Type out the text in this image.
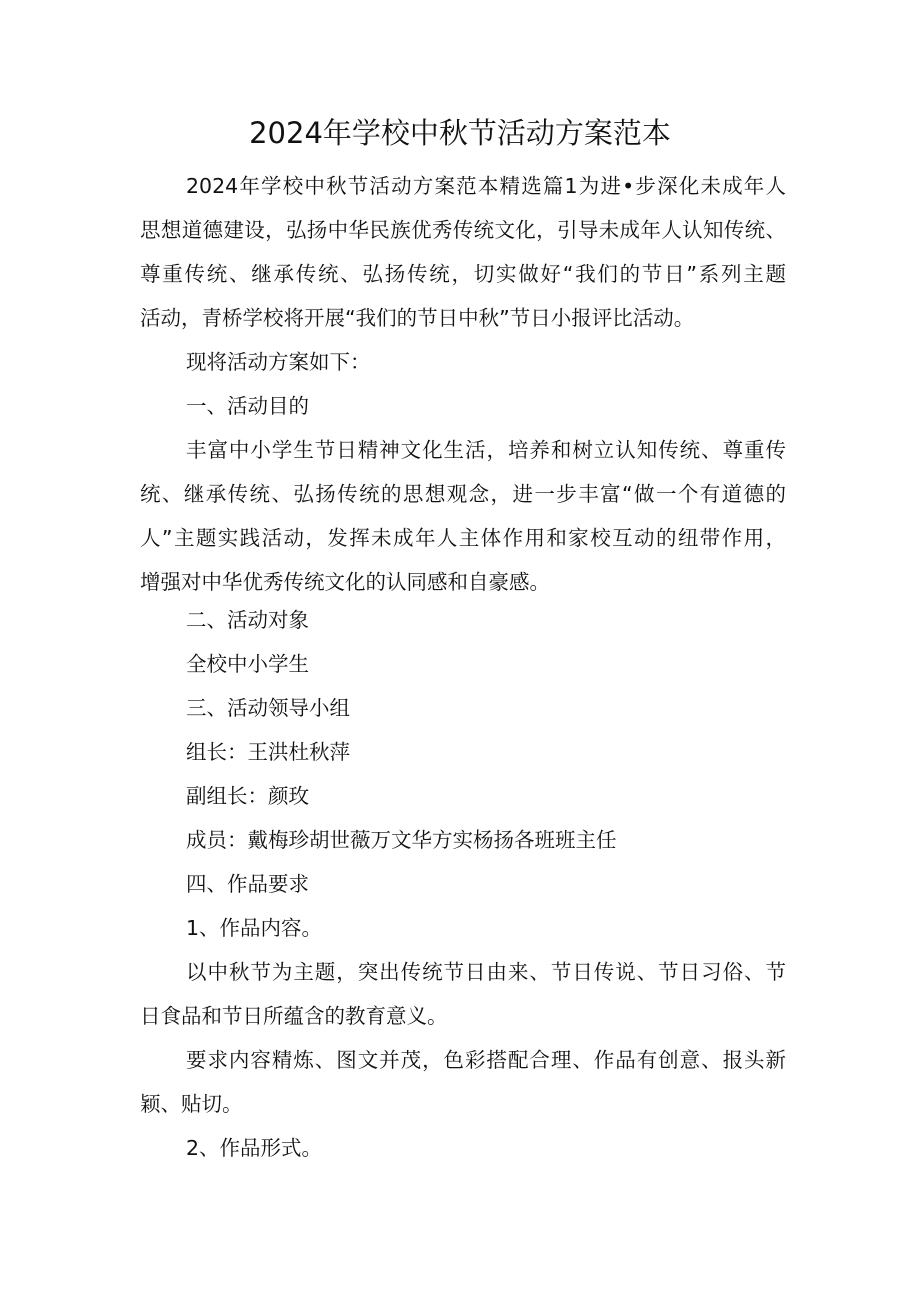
2024年学校中秋节活动方案范本
2024年学校中秋节活动方案范本精选篇1为进•步深化未成年人
思想道德建设，弘扬中华民族优秀传统文化，引导未成年人认知传统、
尊重传统、继承传统、弘扬传统，切实做好“我们的节日”系列主题
活动，青桥学校将开展“我们的节日中秋”节日小报评比活动。
现将活动方案如下：
一、活动目的
丰富中小学生节日精神文化生活，培养和树立认知传统、尊重传
统、继承传统、弘扬传统的思想观念，进一步丰富“做一个有道德的
人”主题实践活动，发挥未成年人主体作用和家校互动的纽带作用，
增强对中华优秀传统文化的认同感和自豪感。
二、活动对象
全校中小学生
三、活动领导小组
组长：王洪杜秋萍
副组长：颜玫
成员：戴梅珍胡世薇万文华方实杨扬各班班主任
四、作品要求
1、作品内容。
以中秋节为主题，突出传统节日由来、节日传说、节日习俗、节
日食品和节日所蕴含的教育意义。
要求内容精炼、图文并茂，色彩搭配合理、作品有创意、报头新
颖、贴切。
2、作品形式。
